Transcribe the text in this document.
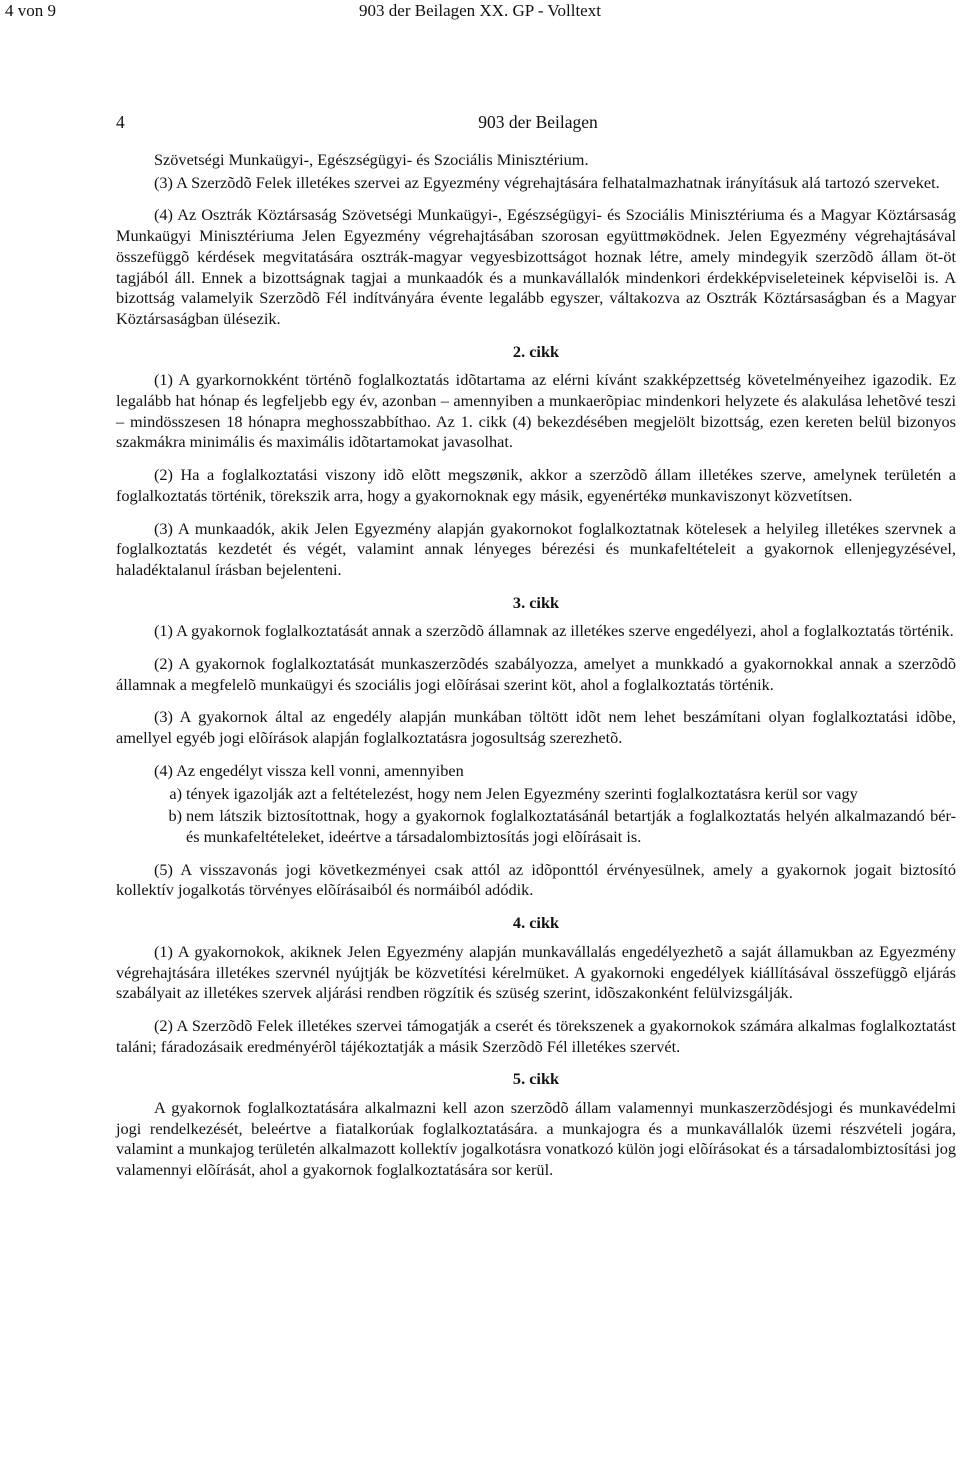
4 von 9	903 der Beilagen XX. GP - Volltext
4	903 der Beilagen

Szövetségi Munkaügyi-, Egészségügyi- és Szociális Minisztérium.

(3) A Szerzõdõ Felek illetékes szervei az Egyezmény végrehajtására felhatalmazhatnak irányításuk alá tartozó szerveket.

(4) Az Osztrák Köztársaság Szövetségi Munkaügyi-, Egészségügyi- és Szociális Minisztériuma és a Magyar Köztársaság Munkaügyi Minisztériuma Jelen Egyezmény végrehajtásában szorosan együttmøködnek. Jelen Egyezmény végrehajtásával összefüggõ kérdések megvitatására osztrák-magyar vegyesbizottságot hoznak létre, amely mindegyik szerzõdõ állam öt-öt tagjából áll. Ennek a bizottságnak tagjai a munkaadók és a munkavállalók mindenkori érdekképviseleteinek képviselõi is. A bizottság valamelyik Szerzõdõ Fél indítványára évente legalább egyszer, váltakozva az Osztrák Köztársaságban és a Magyar Köztársaságban ülésezik.

2. cikk

(1) A gyarkornokként történõ foglalkoztatás idõtartama az elérni kívánt szakképzettség követelményeihez igazodik. Ez legalább hat hónap és legfeljebb egy év, azonban – amennyiben a munkaerõpiac mindenkori helyzete és alakulása lehetõvé teszi – mindösszesen 18 hónapra meghosszabbíthao. Az 1. cikk (4) bekezdésében megjelölt bizottság, ezen kereten belül bizonyos szakmákra minimális és maximális idõtartamokat javasolhat.

(2) Ha a foglalkoztatási viszony idõ elõtt megszønik, akkor a szerzõdõ állam illetékes szerve, amelynek területén a foglalkoztatás történik, törekszik arra, hogy a gyakornoknak egy másik, egyenértékø munkaviszonyt közvetítsen.

(3) A munkaadók, akik Jelen Egyezmény alapján gyakornokot foglalkoztatnak kötelesek a helyileg illetékes szervnek a foglalkoztatás kezdetét és végét, valamint annak lényeges bérezési és munkafeltételeit a gyakornok ellenjegyzésével, haladéktalanul írásban bejelenteni.

3. cikk

(1) A gyakornok foglalkoztatását annak a szerzõdõ államnak az illetékes szerve engedélyezi, ahol a foglalkoztatás történik.

(2) A gyakornok foglalkoztatását munkaszerzõdés szabályozza, amelyet a munkkadó a gyakornokkal annak a szerzõdõ államnak a megfelelõ munkaügyi és szociális jogi elõírásai szerint köt, ahol a foglalkoztatás történik.

(3) A gyakornok által az engedély alapján munkában töltött idõt nem lehet beszámítani olyan foglalkoztatási idõbe, amellyel egyéb jogi elõírások alapján foglalkoztatásra jogosultság szerezhetõ.

(4) Az engedélyt vissza kell vonni, amennyiben

a) tények igazolják azt a feltételezést, hogy nem Jelen Egyezmény szerinti foglalkoztatásra kerül sor vagy
b) nem látszik biztosítottnak, hogy a gyakornok foglalkoztatásánál betartják a foglalkoztatás helyén alkalmazandó bér- és munkafeltételeket, ideértve a társadalombiztosítás jogi elõírásait is.

(5) A visszavonás jogi következményei csak attól az idõponttól érvényesülnek, amely a gyakornok jogait biztosító kollektív jogalkotás törvényes elõírásaiból és normáiból adódik.

4. cikk

(1) A gyakornokok, akiknek Jelen Egyezmény alapján munkavállalás engedélyezhetõ a saját államukban az Egyezmény végrehajtására illetékes szervnél nyújtják be közvetítési kérelmüket. A gyakornoki engedélyek kiállításával összefüggõ eljárás szabályait az illetékes szervek aljárási rendben rögzítik és szüség szerint, idõszakonként felülvizsgálják.

(2) A Szerzõdõ Felek illetékes szervei támogatják a cserét és törekszenek a gyakornokok számára alkalmas foglalkoztatást taláni; fáradozásaik eredményérõl tájékoztatják a másik Szerzõdõ Fél illetékes szervét.

5. cikk

A gyakornok foglalkoztatására alkalmazni kell azon szerzõdõ állam valamennyi munkaszerzõdésjogi és munkavédelmi jogi rendelkezését, beleértve a fiatalkorúak foglalkoztatására. a munkajogra és a munkavállalók üzemi részvételi jogára, valamint a munkajog területén alkalmazott kollektív jogalkotásra vonatkozó külön jogi elõírásokat és a társadalombiztosítási jog valamennyi elõírását, ahol a gyakornok foglalkoztatására sor kerül.
